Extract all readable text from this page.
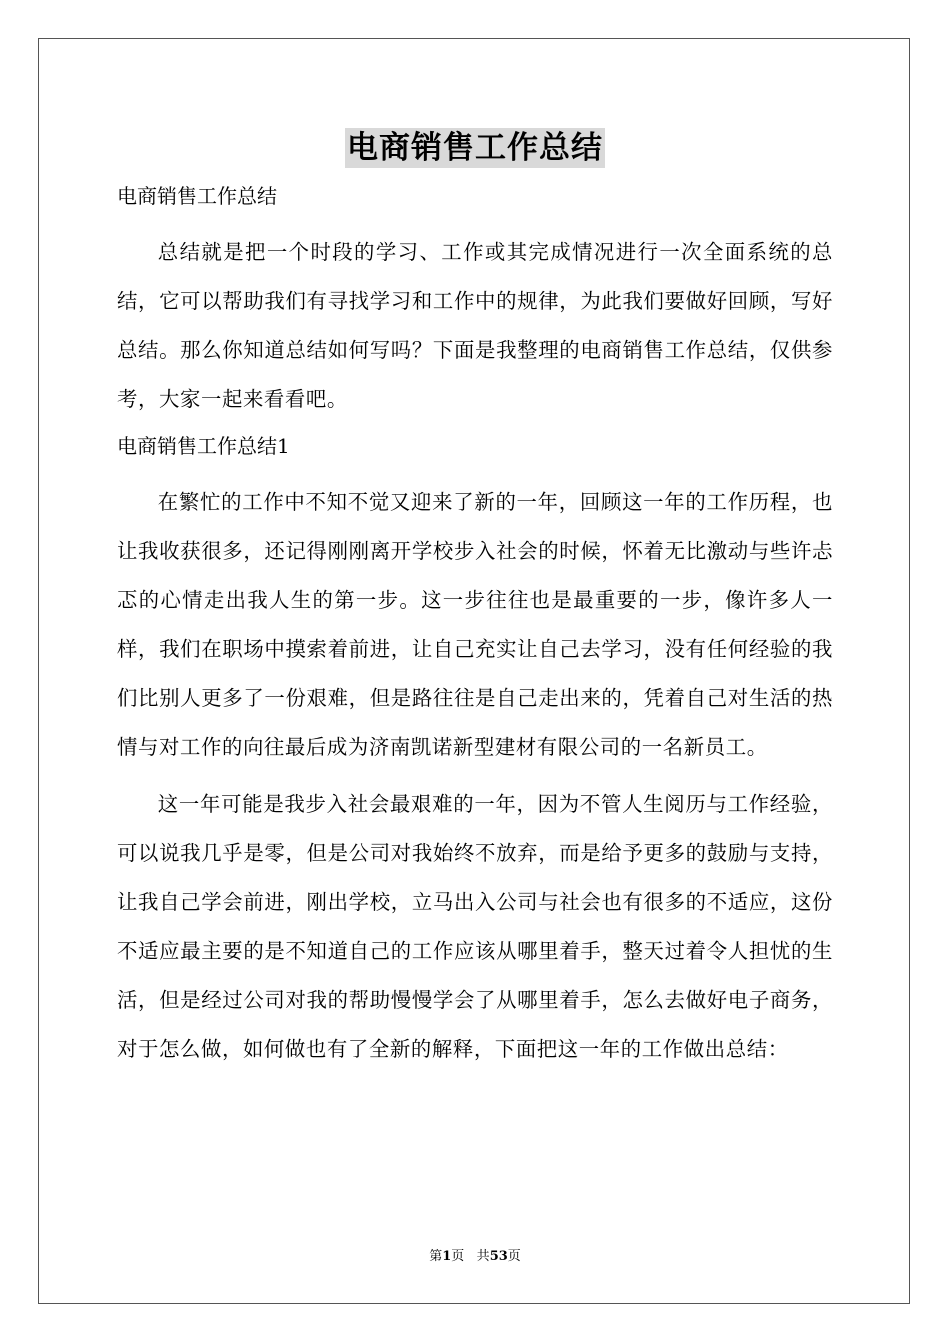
电商销售工作总结

电商销售工作总结

总结就是把一个时段的学习、工作或其完成情况进行一次全面系统的总结，它可以帮助我们有寻找学习和工作中的规律，为此我们要做好回顾，写好总结。那么你知道总结如何写吗？下面是我整理的电商销售工作总结，仅供参考，大家一起来看看吧。

电商销售工作总结1

在繁忙的工作中不知不觉又迎来了新的一年，回顾这一年的工作历程，也让我收获很多，还记得刚刚离开学校步入社会的时候，怀着无比激动与些许忐忑的心情走出我人生的第一步。这一步往往也是最重要的一步，像许多人一样，我们在职场中摸索着前进，让自己充实让自己去学习，没有任何经验的我们比别人更多了一份艰难，但是路往往是自己走出来的，凭着自己对生活的热情与对工作的向往最后成为济南凯诺新型建材有限公司的一名新员工。

这一年可能是我步入社会最艰难的一年，因为不管人生阅历与工作经验，可以说我几乎是零，但是公司对我始终不放弃，而是给予更多的鼓励与支持，让我自己学会前进，刚出学校，立马出入公司与社会也有很多的不适应，这份不适应最主要的是不知道自己的工作应该从哪里着手，整天过着令人担忧的生活，但是经过公司对我的帮助慢慢学会了从哪里着手，怎么去做好电子商务，对于怎么做，如何做也有了全新的解释，下面把这一年的工作做出总结：

第1页 共53页
